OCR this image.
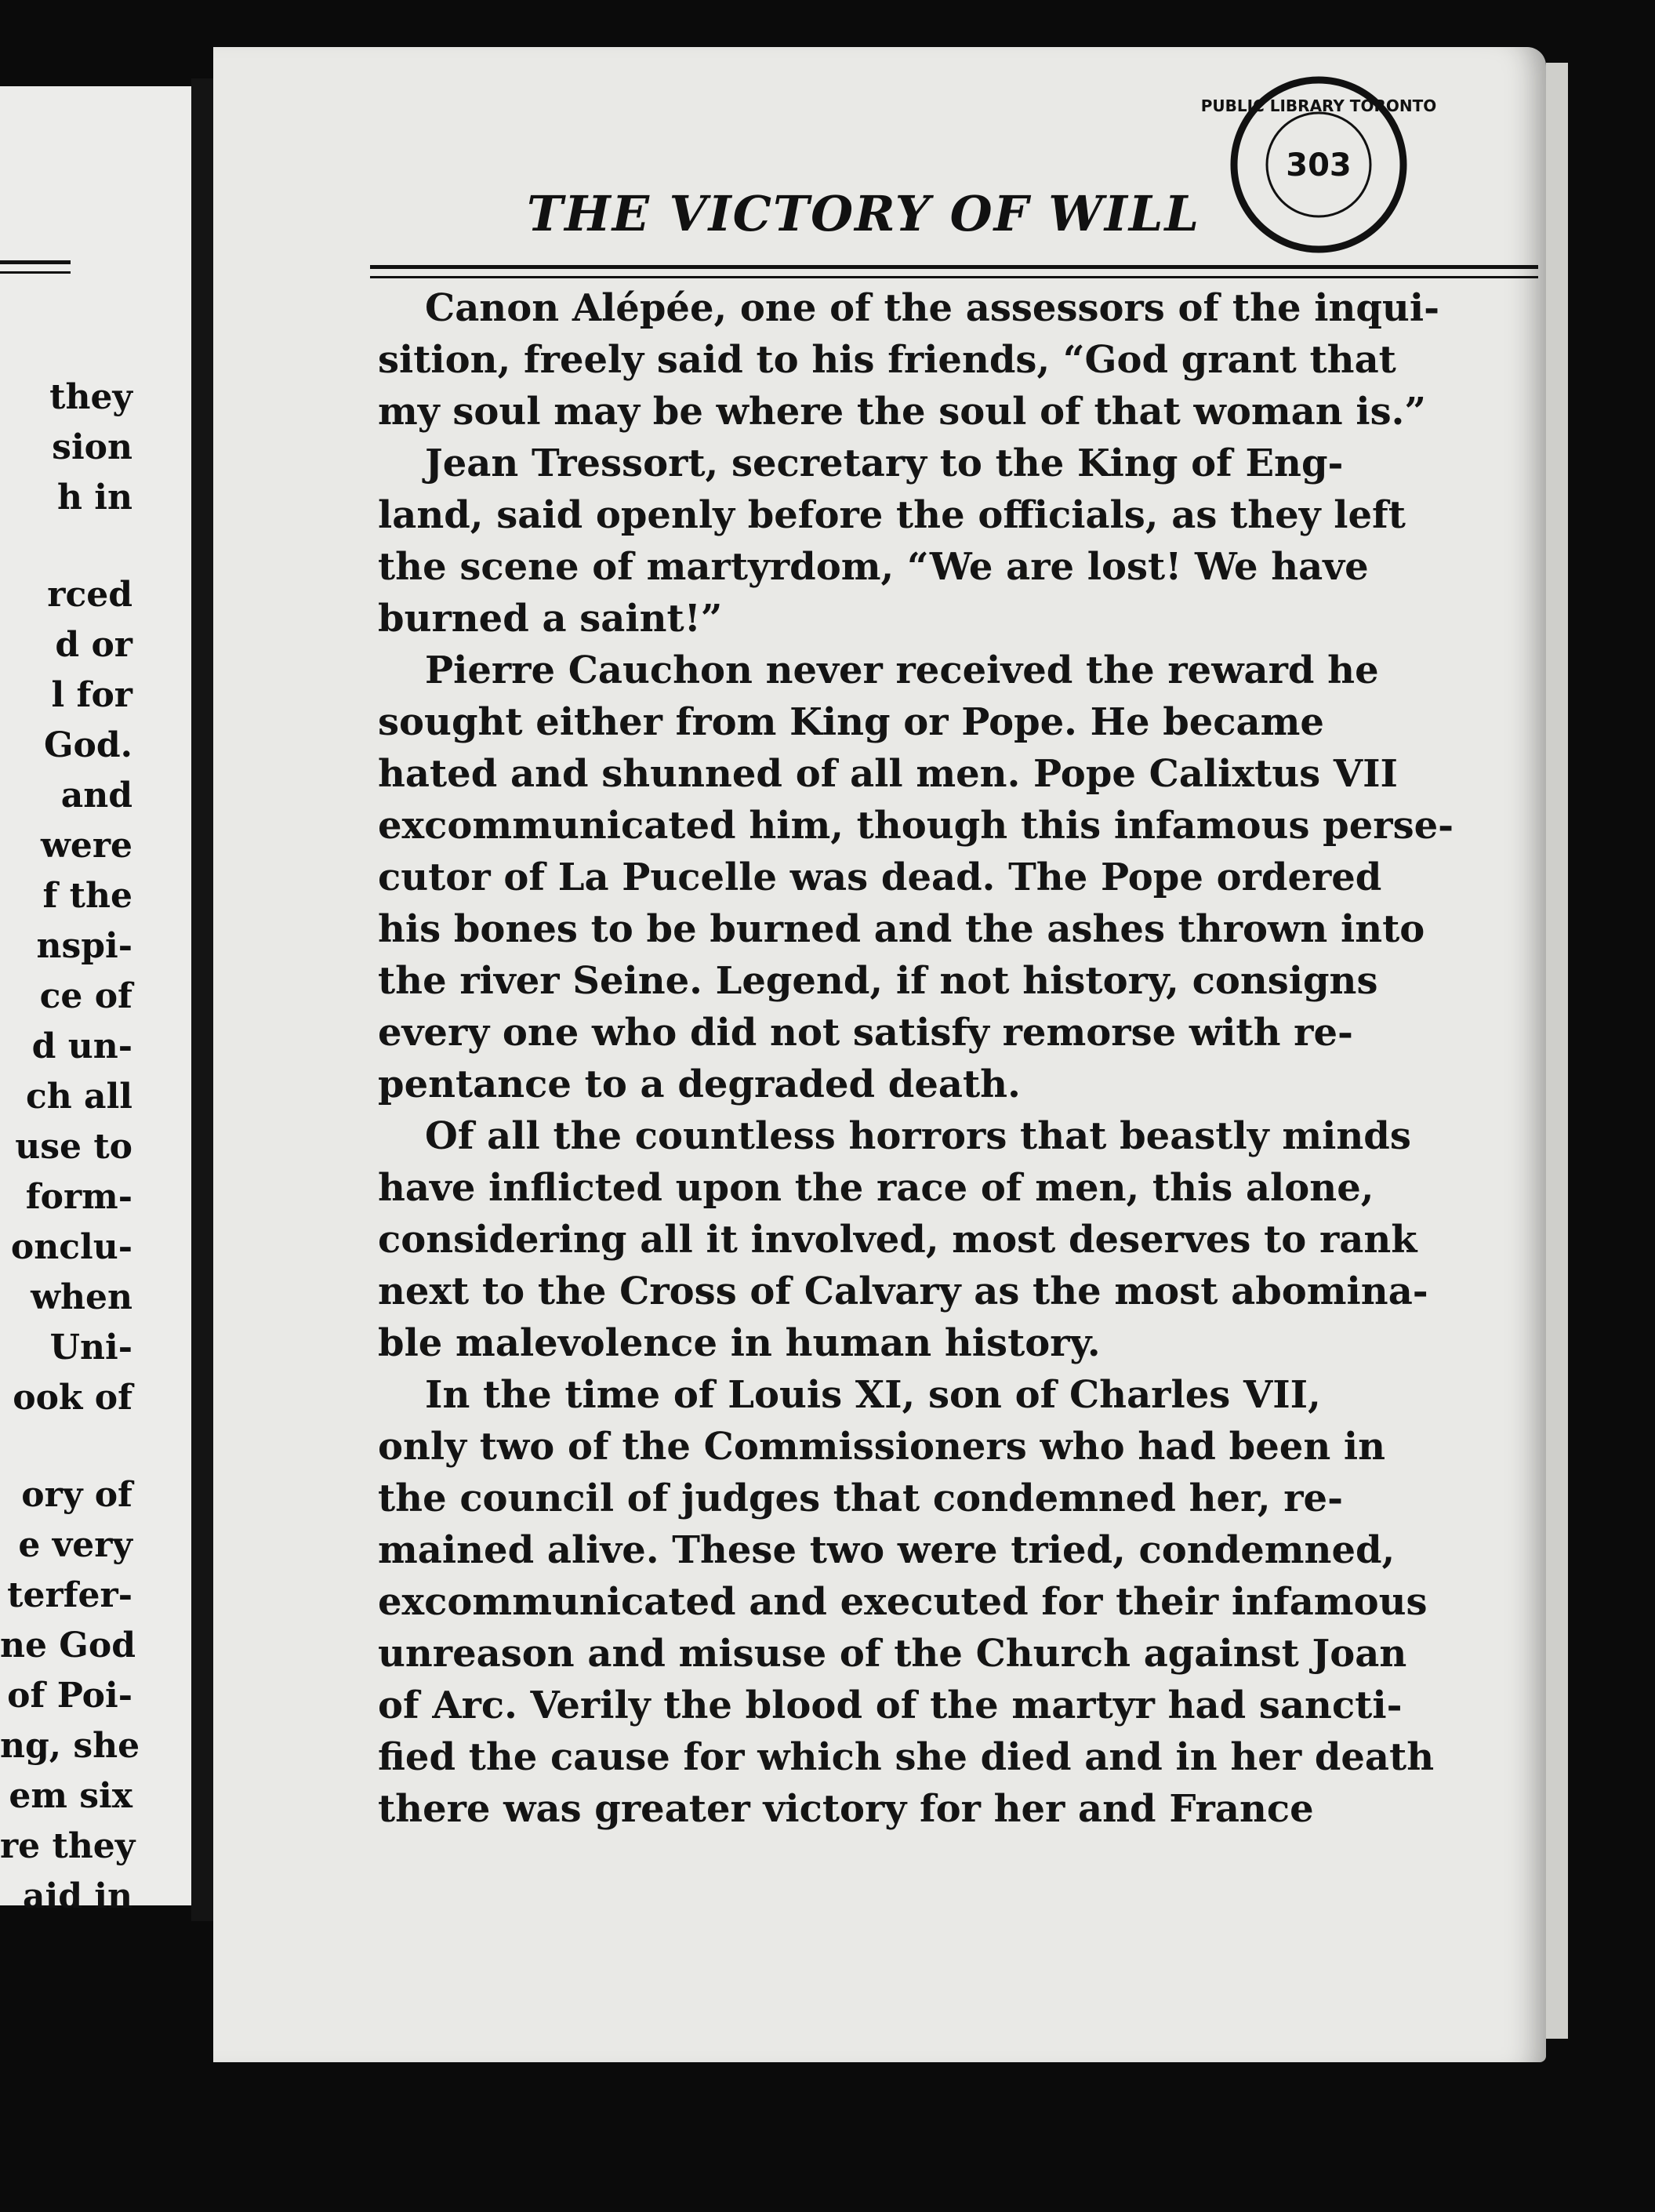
they
sion
h in
rced
d or
l for
God.
and
were
f the
nspi-
ce of
d un-
ch all
use to
form-
onclu-
when
Uni-
ook of
ory of
e very
terfer-
ne God
of Poi-
ng, she
em six
re they
aid in
THE VICTORY OF WILL
303
PUBLIC LIBRARY TORONTO

Canon Alépée, one of the assessors of the inqui-
sition, freely said to his friends, “God grant that
my soul may be where the soul of that woman is.”

Jean Tressort, secretary to the King of Eng-
land, said openly before the officials, as they left
the scene of martyrdom, “We are lost! We have
burned a saint!”

Pierre Cauchon never received the reward he
sought either from King or Pope. He became
hated and shunned of all men. Pope Calixtus VII
excommunicated him, though this infamous perse-
cutor of La Pucelle was dead. The Pope ordered
his bones to be burned and the ashes thrown into
the river Seine. Legend, if not history, consigns
every one who did not satisfy remorse with re-
pentance to a degraded death.

Of all the countless horrors that beastly minds
have inflicted upon the race of men, this alone,
considering all it involved, most deserves to rank
next to the Cross of Calvary as the most abomina-
ble malevolence in human history.

In the time of Louis XI, son of Charles VII,
only two of the Commissioners who had been in
the council of judges that condemned her, re-
mained alive. These two were tried, condemned,
excommunicated and executed for their infamous
unreason and misuse of the Church against Joan
of Arc. Verily the blood of the martyr had sancti-
fied the cause for which she died and in her death
there was greater victory for her and France
